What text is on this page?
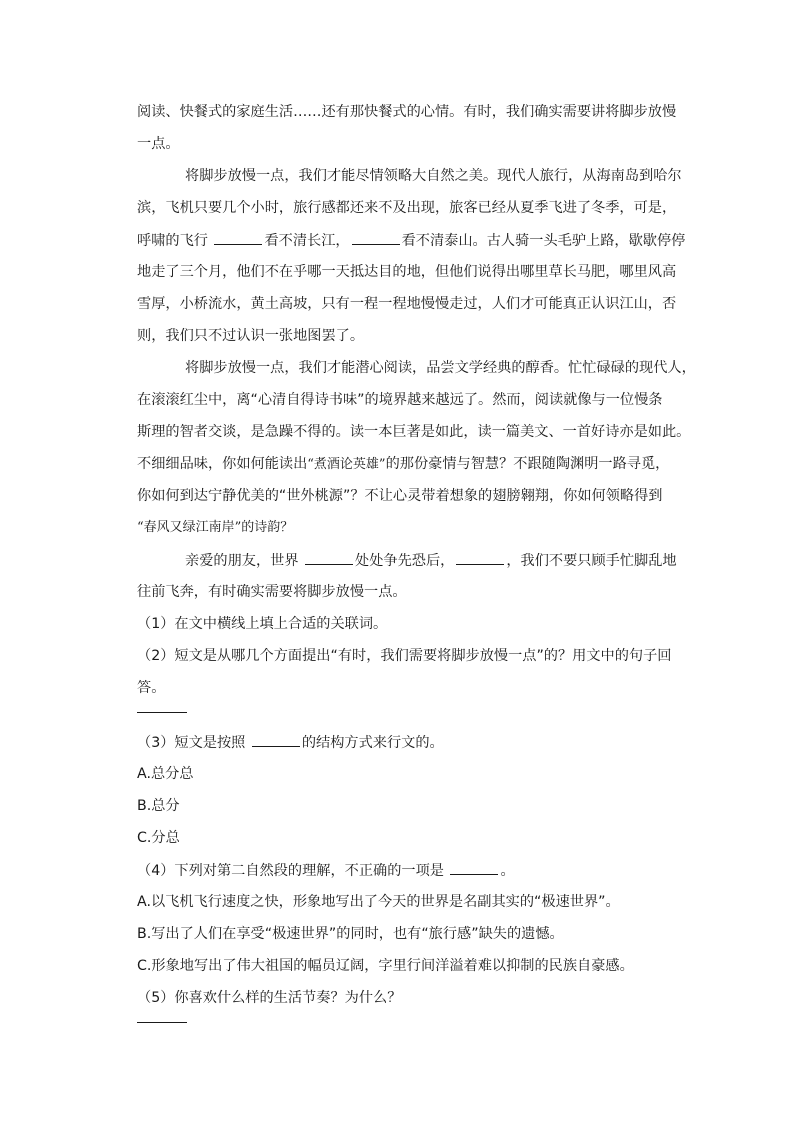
阅读、快餐式的家庭生活……还有那快餐式的心情。有时，我们确实需要讲将脚步放慢
一点。
将脚步放慢一点，我们才能尽情领略大自然之美。现代人旅行，从海南岛到哈尔
滨，飞机只要几个小时，旅行感都还来不及出现，旅客已经从夏季飞进了冬季，可是，
呼啸的飞行	看不清长江，	看不清泰山。古人骑一头毛驴上路，歇歇停停
地走了三个月，他们不在乎哪一天抵达目的地，但他们说得出哪里草长马肥，哪里风高
雪厚，小桥流水，黄土高坡，只有一程一程地慢慢走过，人们才可能真正认识江山，否
则，我们只不过认识一张地图罢了。
将脚步放慢一点，我们才能潜心阅读，品尝文学经典的醇香。忙忙碌碌的现代人，
在滚滚红尘中，离“心清自得诗书味”的境界越来越远了。然而，阅读就像与一位慢条
斯理的智者交谈，是急躁不得的。读一本巨著是如此，读一篇美文、一首好诗亦是如此。
不细细品味，你如何能读出“煮酒论英雄”的那份豪情与智慧？不跟随陶渊明一路寻觅，
你如何到达宁静优美的“世外桃源”？不让心灵带着想象的翅膀翱翔，你如何领略得到
“春风又绿江南岸”的诗韵？
亲爱的朋友，世界	处处争先恐后，	，我们不要只顾手忙脚乱地
往前飞奔，有时确实需要将脚步放慢一点。
（1）在文中横线上填上合适的关联词。
（2）短文是从哪几个方面提出“有时，我们需要将脚步放慢一点”的？用文中的句子回
答。
（3）短文是按照	的结构方式来行文的。
A.总分总
B.总分
C.分总
（4）下列对第二自然段的理解，不正确的一项是	。
A.以飞机飞行速度之快，形象地写出了今天的世界是名副其实的“极速世界”。
B.写出了人们在享受“极速世界”的同时，也有“旅行感”缺失的遗憾。
C.形象地写出了伟大祖国的幅员辽阔，字里行间洋溢着难以抑制的民族自豪感。
（5）你喜欢什么样的生活节奏？为什么？
